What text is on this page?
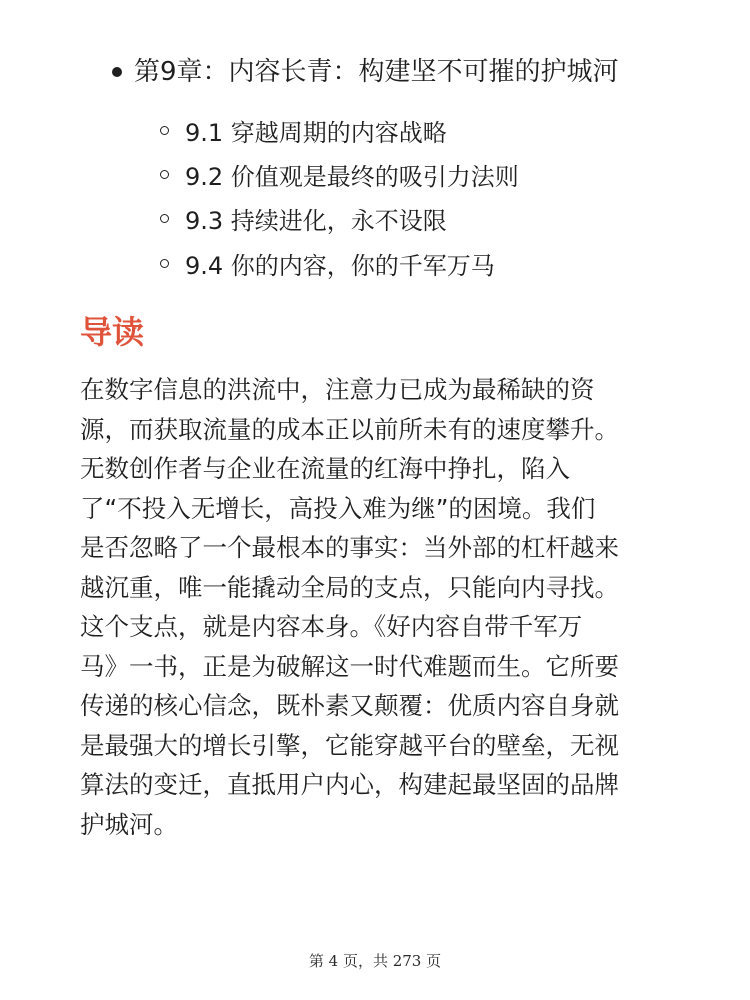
第9章：内容长青：构建坚不可摧的护城河
9.1 穿越周期的内容战略
9.2 价值观是最终的吸引力法则
9.3 持续进化，永不设限
9.4 你的内容，你的千军万马
导读
在数字信息的洪流中，注意力已成为最稀缺的资
源，而获取流量的成本正以前所未有的速度攀升。
无数创作者与企业在流量的红海中挣扎，陷入
了“不投入无增长，高投入难为继”的困境。我们
是否忽略了一个最根本的事实：当外部的杠杆越来
越沉重，唯一能撬动全局的支点，只能向内寻找。
这个支点，就是内容本身。《好内容自带千军万
马》一书，正是为破解这一时代难题而生。它所要
传递的核心信念，既朴素又颠覆：优质内容自身就
是最强大的增长引擎，它能穿越平台的壁垒，无视
算法的变迁，直抵用户内心，构建起最坚固的品牌
护城河。
第 4 页，共 273 页
